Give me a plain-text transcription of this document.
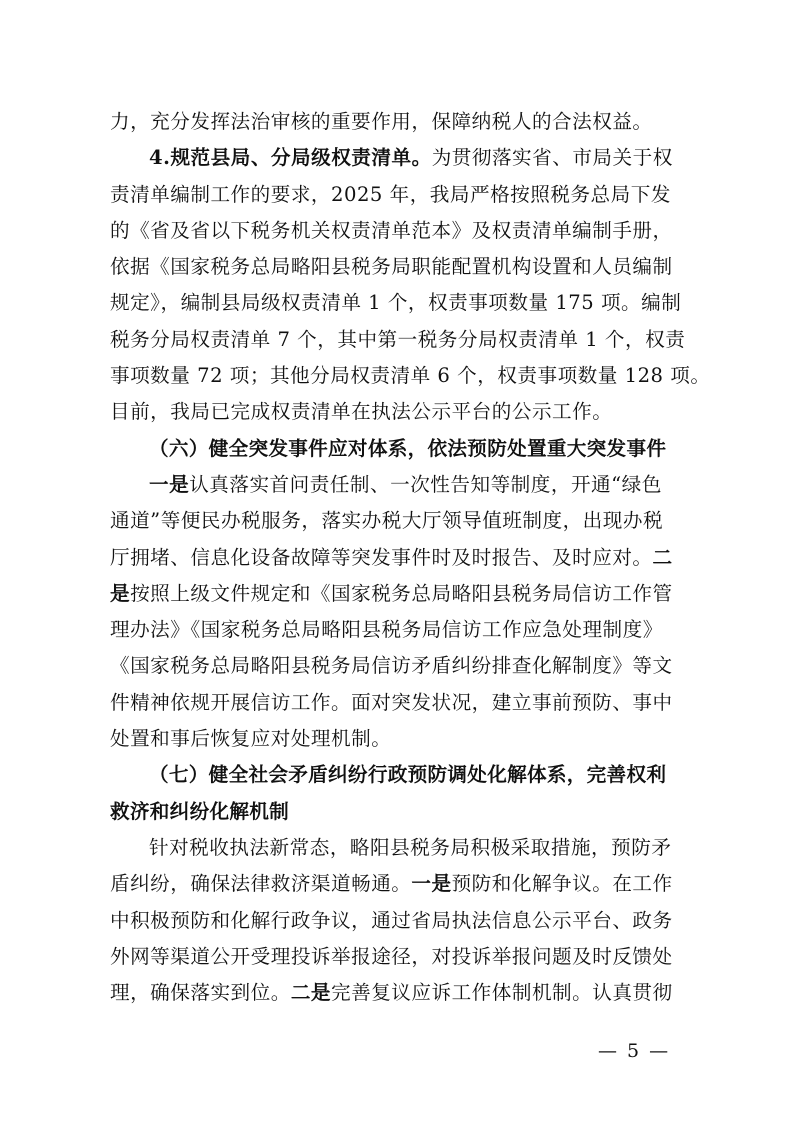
力，充分发挥法治审核的重要作用，保障纳税人的合法权益。
4.规范县局、分局级权责清单。为贯彻落实省、市局关于权
责清单编制工作的要求，2025 年，我局严格按照税务总局下发
的《省及省以下税务机关权责清单范本》及权责清单编制手册，
依据《国家税务总局略阳县税务局职能配置机构设置和人员编制
规定》，编制县局级权责清单 1 个，权责事项数量 175 项。编制
税务分局权责清单 7 个，其中第一税务分局权责清单 1 个，权责
事项数量 72 项；其他分局权责清单 6 个，权责事项数量 128 项。
目前，我局已完成权责清单在执法公示平台的公示工作。
（六）健全突发事件应对体系，依法预防处置重大突发事件
一是认真落实首问责任制、一次性告知等制度，开通“绿色
通道”等便民办税服务，落实办税大厅领导值班制度，出现办税
厅拥堵、信息化设备故障等突发事件时及时报告、及时应对。二
是按照上级文件规定和《国家税务总局略阳县税务局信访工作管
理办法》《国家税务总局略阳县税务局信访工作应急处理制度》
《国家税务总局略阳县税务局信访矛盾纠纷排查化解制度》等文
件精神依规开展信访工作。面对突发状况，建立事前预防、事中
处置和事后恢复应对处理机制。
（七）健全社会矛盾纠纷行政预防调处化解体系，完善权利
救济和纠纷化解机制
针对税收执法新常态，略阳县税务局积极采取措施，预防矛
盾纠纷，确保法律救济渠道畅通。一是预防和化解争议。在工作
中积极预防和化解行政争议，通过省局执法信息公示平台、政务
外网等渠道公开受理投诉举报途径，对投诉举报问题及时反馈处
理，确保落实到位。二是完善复议应诉工作体制机制。认真贯彻
— 5 —
